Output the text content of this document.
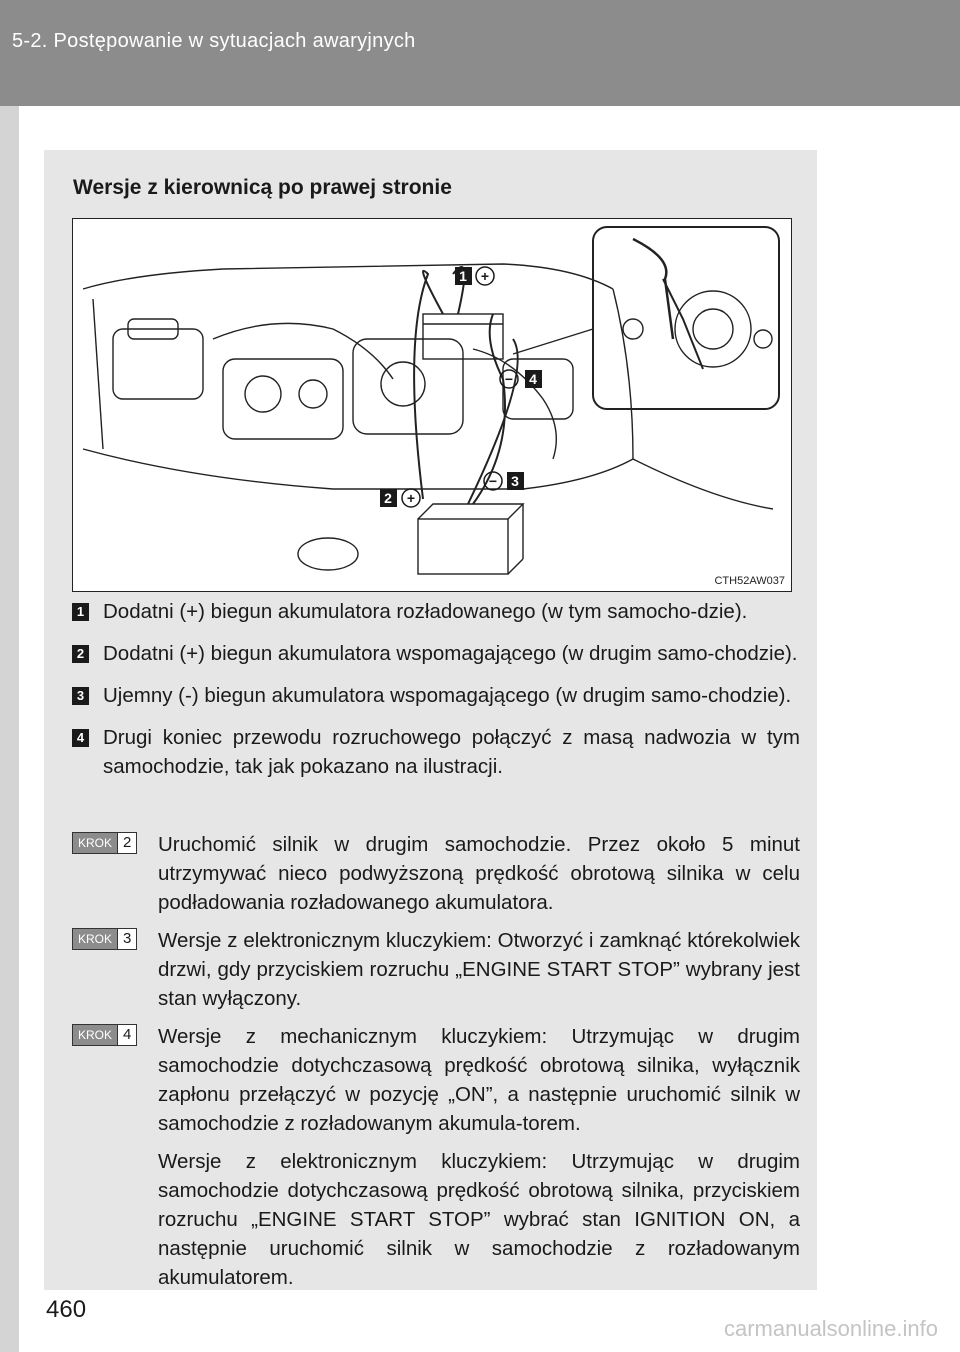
5-2. Postępowanie w sytuacjach awaryjnych
Wersje z kierownicą po prawej stronie
1 +
2 +
− 3
− 4
CTH52AW037
1 Dodatni (+) biegun akumulatora rozładowanego (w tym samocho-dzie).
2 Dodatni (+) biegun akumulatora wspomagającego (w drugim samo-chodzie).
3 Ujemny (-) biegun akumulatora wspomagającego (w drugim samo-chodzie).
4 Drugi koniec przewodu rozruchowego połączyć z masą nadwozia w tym samochodzie, tak jak pokazano na ilustracji.
KROK 2 Uruchomić silnik w drugim samochodzie. Przez około 5 minut utrzymywać nieco podwyższoną prędkość obrotową silnika w celu podładowania rozładowanego akumulatora.

KROK 3 Wersje z elektronicznym kluczykiem: Otworzyć i zamknąć którekolwiek drzwi, gdy przyciskiem rozruchu „ENGINE START STOP” wybrany jest stan wyłączony.

KROK 4 Wersje z mechanicznym kluczykiem: Utrzymując w drugim samochodzie dotychczasową prędkość obrotową silnika, wyłącznik zapłonu przełączyć w pozycję „ON”, a następnie uruchomić silnik w samochodzie z rozładowanym akumula-torem.

Wersje z elektronicznym kluczykiem: Utrzymując w drugim samochodzie dotychczasową prędkość obrotową silnika, przyciskiem rozruchu „ENGINE START STOP” wybrać stan IGNITION ON, a następnie uruchomić silnik w samochodzie z rozładowanym akumulatorem.

460
carmanualsonline.info
